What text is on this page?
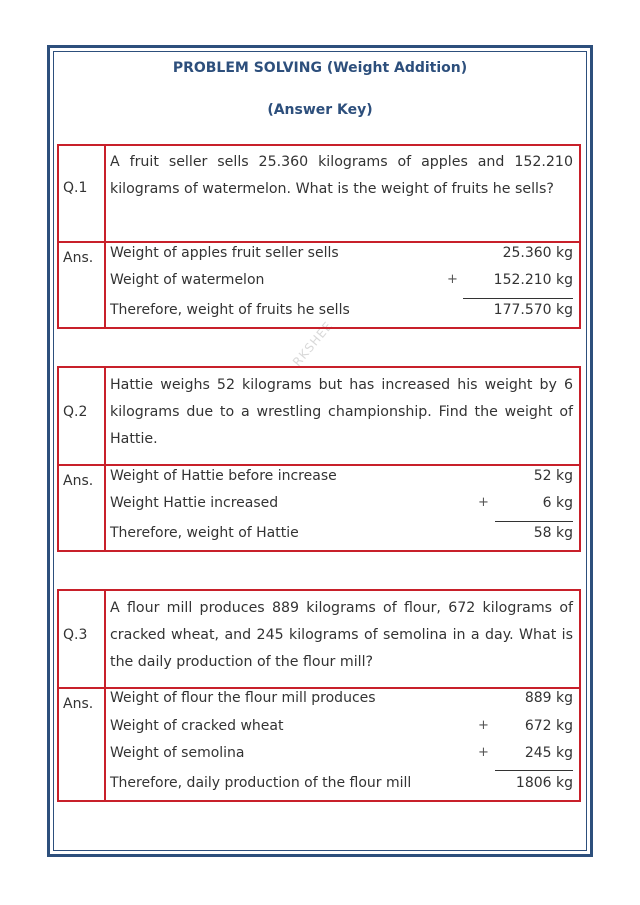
PROBLEM SOLVING (Weight Addition)
(Answer Key)
RKSHEE
Q.1
A fruit seller sells 25.360 kilograms of apples and 152.210 kilograms of watermelon. What is the weight of fruits he sells?
Ans. Weight of apples fruit seller sells	25.360 kg
Weight of watermelon	+	152.210 kg
Therefore, weight of fruits he sells	177.570 kg
Q.2
Hattie weighs 52 kilograms but has increased his weight by 6 kilograms due to a wrestling championship. Find the weight of Hattie.
Ans. Weight of Hattie before increase	52 kg
Weight Hattie increased	+	6 kg
Therefore, weight of Hattie	58 kg
Q.3
A flour mill produces 889 kilograms of flour, 672 kilograms of cracked wheat, and 245 kilograms of semolina in a day. What is the daily production of the flour mill?
Ans. Weight of flour the flour mill produces	889 kg
Weight of cracked wheat	+	672 kg
Weight of semolina	+	245 kg
Therefore, daily production of the flour mill	1806 kg
